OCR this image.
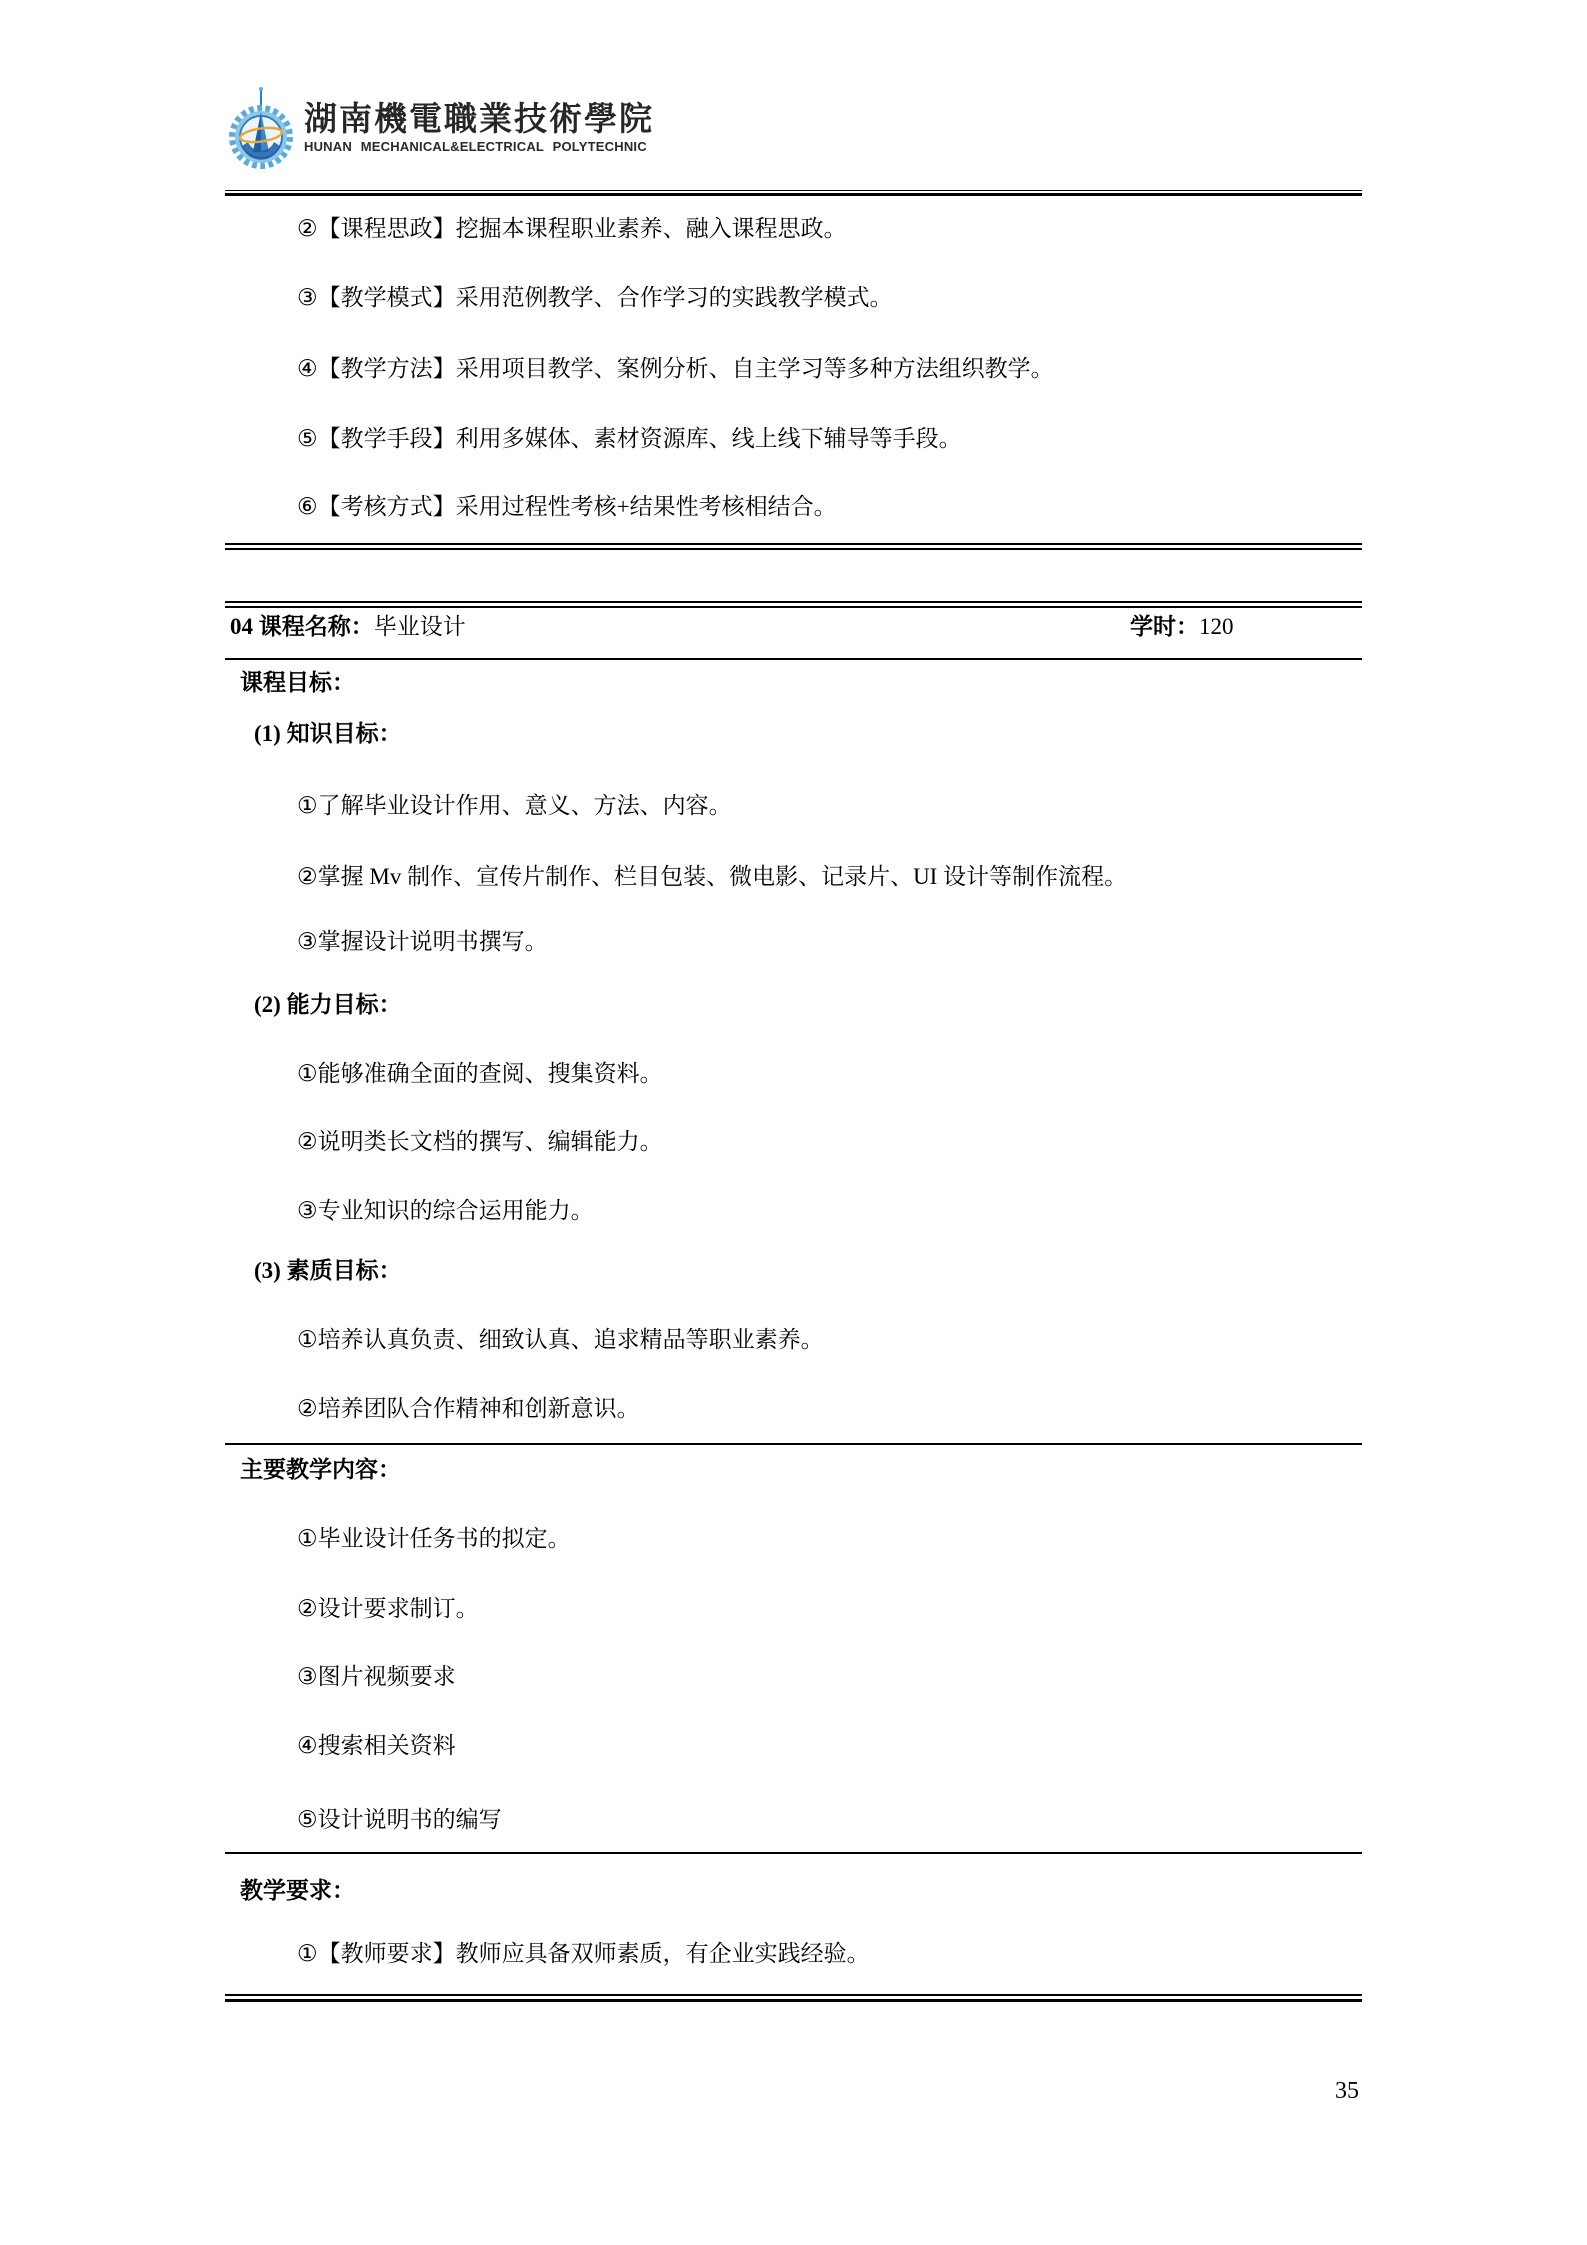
湖南機電職業技術學院
HUNAN MECHANICAL&ELECTRICAL POLYTECHNIC
②【课程思政】挖掘本课程职业素养、融入课程思政。
③【教学模式】采用范例教学、合作学习的实践教学模式。
④【教学方法】采用项目教学、案例分析、自主学习等多种方法组织教学。
⑤【教学手段】利用多媒体、素材资源库、线上线下辅导等手段。
⑥【考核方式】采用过程性考核+结果性考核相结合。
04 课程名称：毕业设计	学时：120
课程目标：
(1) 知识目标：
①了解毕业设计作用、意义、方法、内容。
②掌握 Mv 制作、宣传片制作、栏目包装、微电影、记录片、UI 设计等制作流程。
③掌握设计说明书撰写。
(2) 能力目标：
①能够准确全面的查阅、搜集资料。
②说明类长文档的撰写、编辑能力。
③专业知识的综合运用能力。
(3) 素质目标：
①培养认真负责、细致认真、追求精品等职业素养。
②培养团队合作精神和创新意识。
主要教学内容：
①毕业设计任务书的拟定。
②设计要求制订。
③图片视频要求
④搜索相关资料
⑤设计说明书的编写
教学要求：
①【教师要求】教师应具备双师素质，有企业实践经验。
35
